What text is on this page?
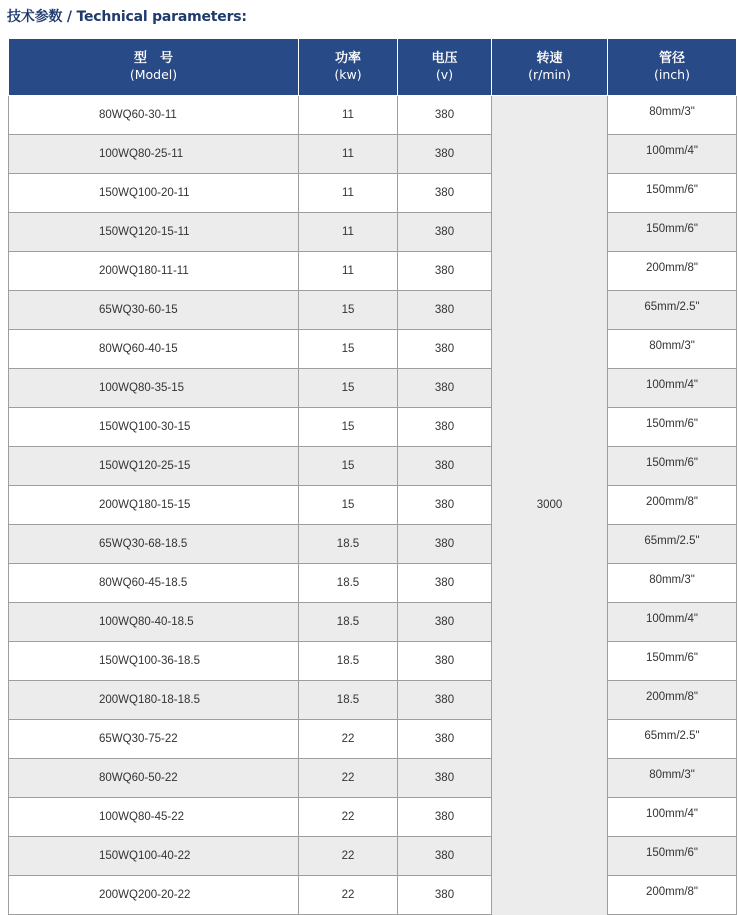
技术参数 / Technical parameters:
型　号
(Model)	功率
(kw)	电压
(v)	转速
(r/min)	管径
(inch)

80WQ60-30-11	11	380	3000	80mm/3"
100WQ80-25-11	11	380		100mm/4"
150WQ100-20-11	11	380		150mm/6"
150WQ120-15-11	11	380		150mm/6"
200WQ180-11-11	11	380		200mm/8"
65WQ30-60-15	15	380		65mm/2.5"
80WQ60-40-15	15	380		80mm/3"
100WQ80-35-15	15	380		100mm/4"
150WQ100-30-15	15	380		150mm/6"
150WQ120-25-15	15	380		150mm/6"
200WQ180-15-15	15	380		200mm/8"
65WQ30-68-18.5	18.5	380		65mm/2.5"
80WQ60-45-18.5	18.5	380		80mm/3"
100WQ80-40-18.5	18.5	380		100mm/4"
150WQ100-36-18.5	18.5	380		150mm/6"
200WQ180-18-18.5	18.5	380		200mm/8"
65WQ30-75-22	22	380		65mm/2.5"
80WQ60-50-22	22	380		80mm/3"
100WQ80-45-22	22	380		100mm/4"
150WQ100-40-22	22	380		150mm/6"
200WQ200-20-22	22	380		200mm/8"
